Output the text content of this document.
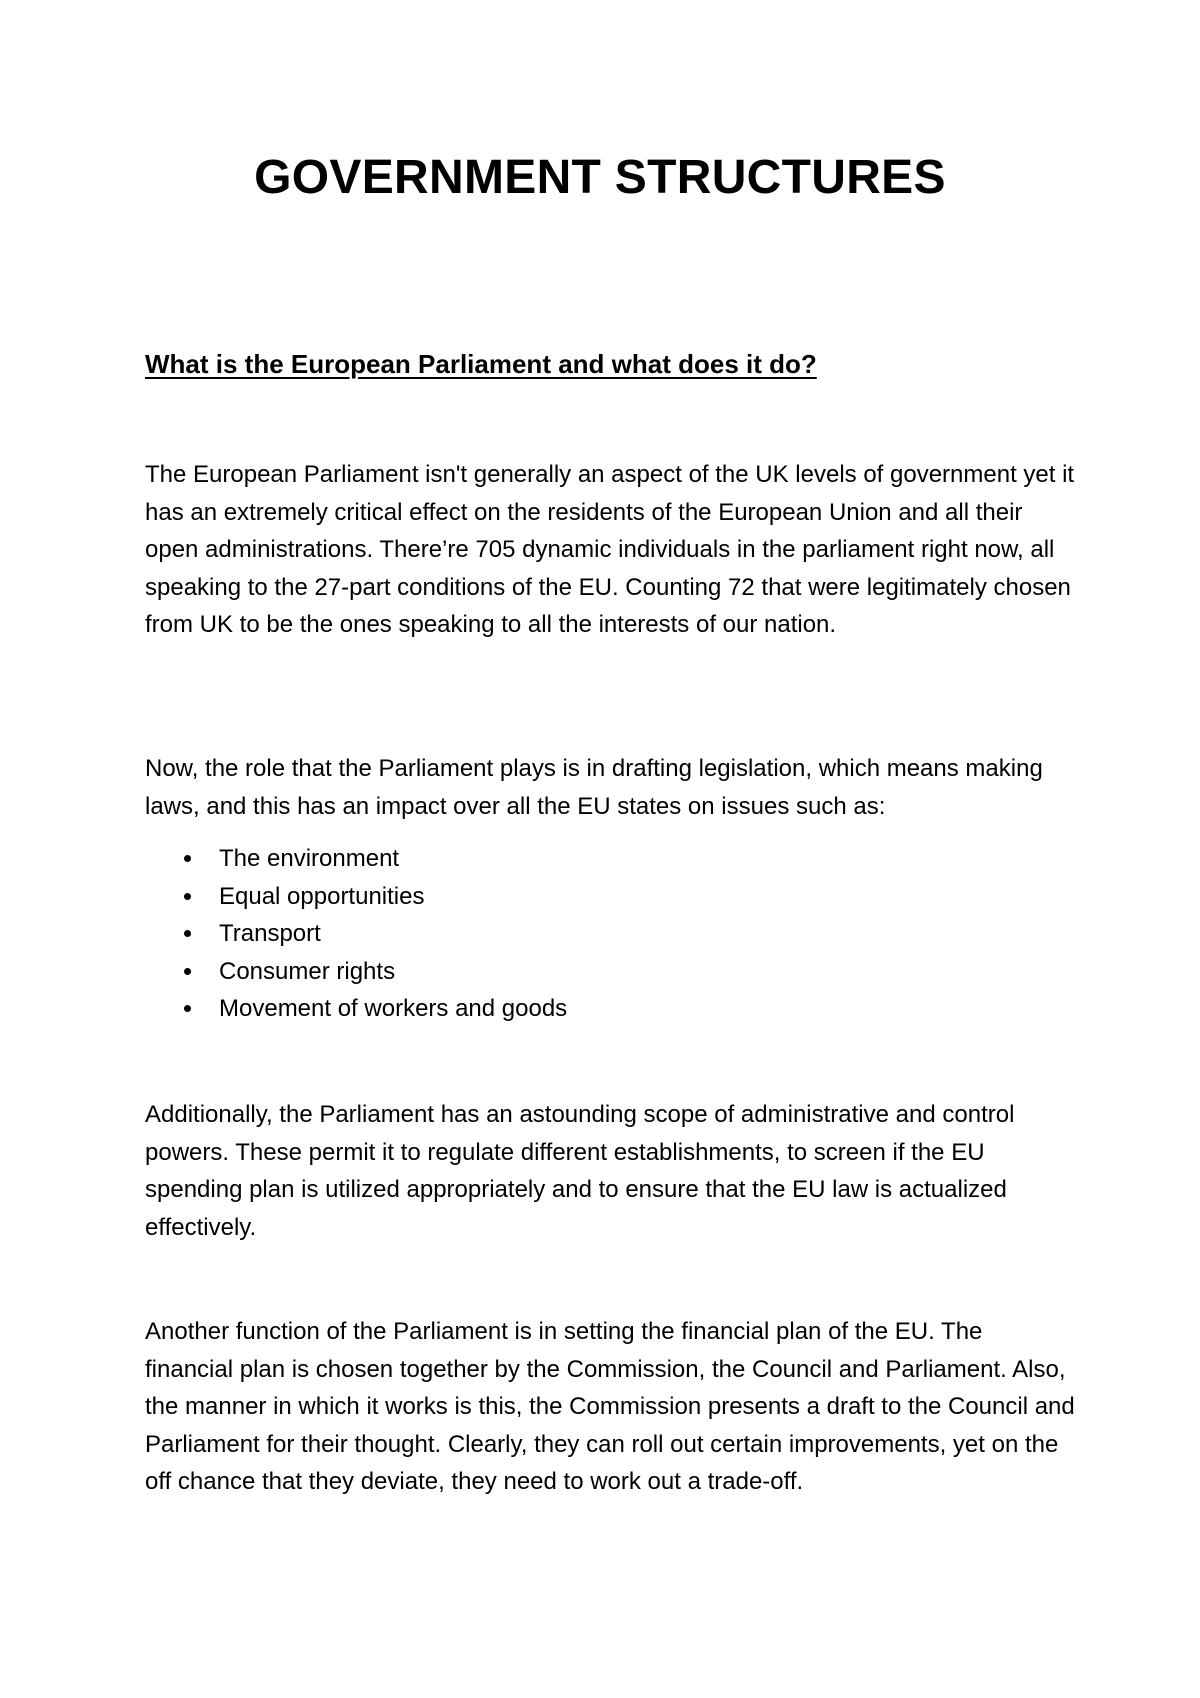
GOVERNMENT STRUCTURES
What is the European Parliament and what does it do?

The European Parliament isn't generally an aspect of the UK levels of government yet it has an extremely critical effect on the residents of the European Union and all their open administrations. There’re 705 dynamic individuals in the parliament right now, all speaking to the 27-part conditions of the EU. Counting 72 that were legitimately chosen from UK to be the ones speaking to all the interests of our nation.

Now, the role that the Parliament plays is in drafting legislation, which means making laws, and this has an impact over all the EU states on issues such as:

The environment
Equal opportunities
Transport
Consumer rights
Movement of workers and goods

Additionally, the Parliament has an astounding scope of administrative and control powers. These permit it to regulate different establishments, to screen if the EU spending plan is utilized appropriately and to ensure that the EU law is actualized effectively.

Another function of the Parliament is in setting the financial plan of the EU. The financial plan is chosen together by the Commission, the Council and Parliament. Also, the manner in which it works is this, the Commission presents a draft to the Council and Parliament for their thought. Clearly, they can roll out certain improvements, yet on the off chance that they deviate, they need to work out a trade-off.
